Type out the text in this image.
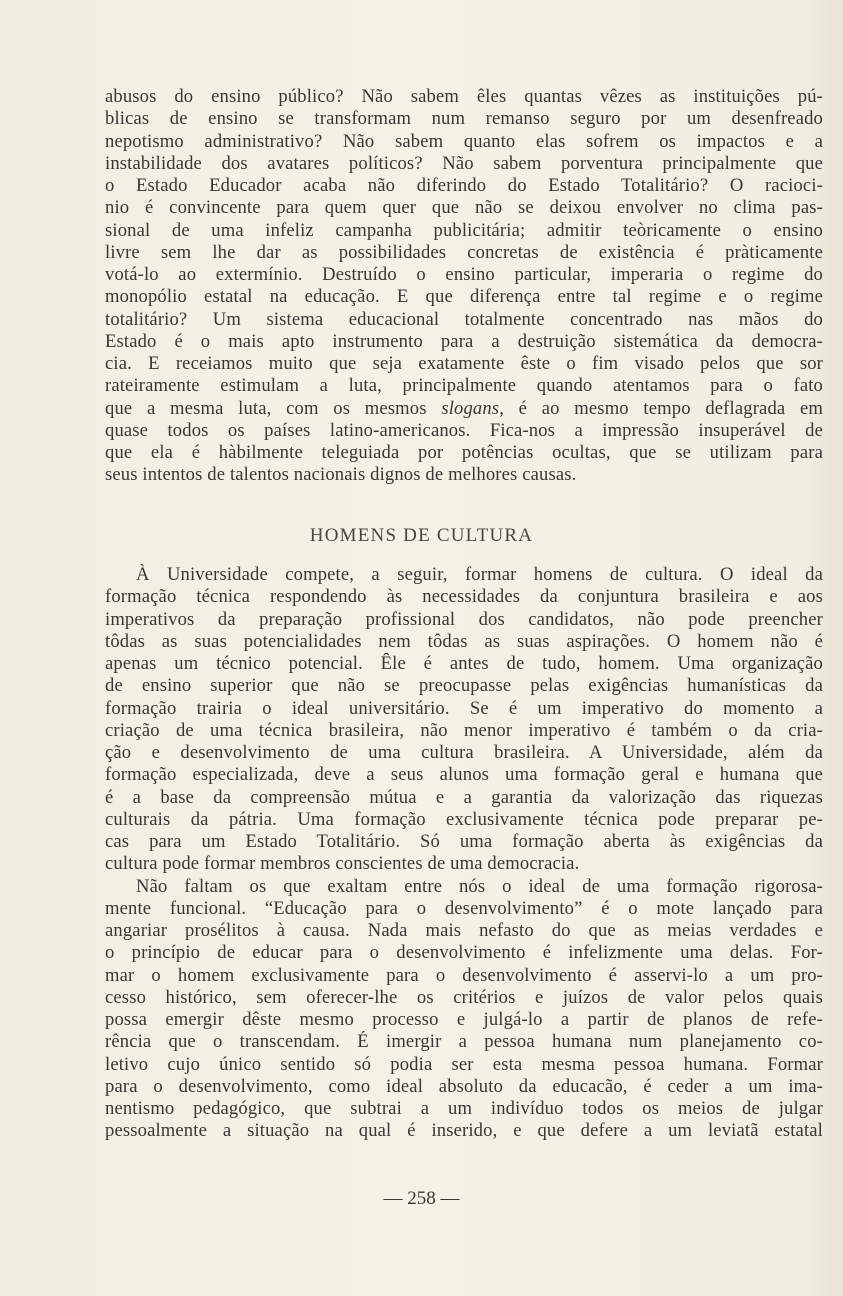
abusos do ensino público? Não sabem êles quantas vêzes as instituições pú-
blicas de ensino se transformam num remanso seguro por um desenfreado
nepotismo administrativo? Não sabem quanto elas sofrem os impactos e a
instabilidade dos avatares políticos? Não sabem porventura principalmente que
o Estado Educador acaba não diferindo do Estado Totalitário? O racioci-
nio é convincente para quem quer que não se deixou envolver no clima pas-
sional de uma infeliz campanha publicitária; admitir teòricamente o ensino
livre sem lhe dar as possibilidades concretas de existência é pràticamente
votá-lo ao extermínio. Destruído o ensino particular, imperaria o regime do
monopólio estatal na educação. E que diferença entre tal regime e o regime
totalitário? Um sistema educacional totalmente concentrado nas mãos do
Estado é o mais apto instrumento para a destruição sistemática da democra-
cia. E receiamos muito que seja exatamente êste o fim visado pelos que sor
rateiramente estimulam a luta, principalmente quando atentamos para o fato
que a mesma luta, com os mesmos slogans, é ao mesmo tempo deflagrada em
quase todos os países latino-americanos. Fica-nos a impressão insuperável de
que ela é hàbilmente teleguiada por potências ocultas, que se utilizam para
seus intentos de talentos nacionais dignos de melhores causas.
HOMENS DE CULTURA
À Universidade compete, a seguir, formar homens de cultura. O ideal da
formação técnica respondendo às necessidades da conjuntura brasileira e aos
imperativos da preparação profissional dos candidatos, não pode preencher
tôdas as suas potencialidades nem tôdas as suas aspirações. O homem não é
apenas um técnico potencial. Êle é antes de tudo, homem. Uma organização
de ensino superior que não se preocupasse pelas exigências humanísticas da
formação trairia o ideal universitário. Se é um imperativo do momento a
criação de uma técnica brasileira, não menor imperativo é também o da cria-
ção e desenvolvimento de uma cultura brasileira. A Universidade, além da
formação especializada, deve a seus alunos uma formação geral e humana que
é a base da compreensão mútua e a garantia da valorização das riquezas
culturais da pátria. Uma formação exclusivamente técnica pode preparar pe-
cas para um Estado Totalitário. Só uma formação aberta às exigências da
cultura pode formar membros conscientes de uma democracia.
Não faltam os que exaltam entre nós o ideal de uma formação rigorosa-
mente funcional. “Educação para o desenvolvimento” é o mote lançado para
angariar prosélitos à causa. Nada mais nefasto do que as meias verdades e
o princípio de educar para o desenvolvimento é infelizmente uma delas. For-
mar o homem exclusivamente para o desenvolvimento é asservi-lo a um pro-
cesso histórico, sem oferecer-lhe os critérios e juízos de valor pelos quais
possa emergir dêste mesmo processo e julgá-lo a partir de planos de refe-
rência que o transcendam. É imergir a pessoa humana num planejamento co-
letivo cujo único sentido só podia ser esta mesma pessoa humana. Formar
para o desenvolvimento, como ideal absoluto da educacão, é ceder a um ima-
nentismo pedagógico, que subtrai a um indivíduo todos os meios de julgar
pessoalmente a situação na qual é inserido, e que defere a um leviatã estatal
— 258 —
